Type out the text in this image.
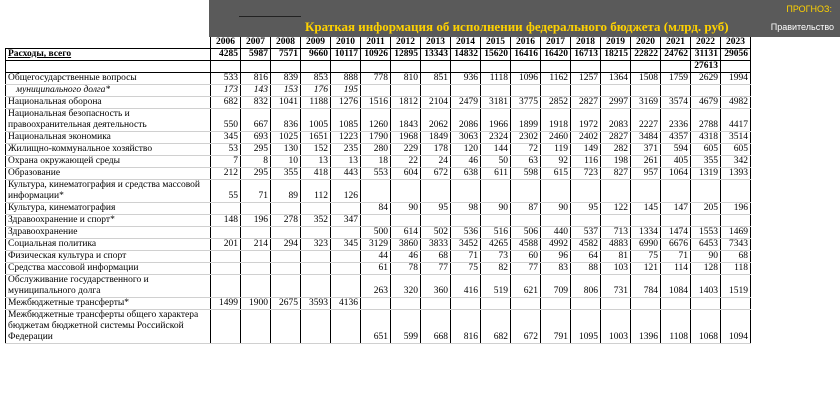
Краткая информация об исполнении федерального бюджета (млрд. руб)
ПРОГНОЗ:
Правительство
	2006	2007	2008	2009	2010	2011	2012	2013	2014	2015	2016	2017	2018	2019	2020	2021	2022	2023
Расходы, всего	4285	5987	7571	9660	10117	10926	12895	13343	14832	15620	16416	16420	16713	18215	22822	24762	31131	29056
																	27613	
Общегосударственные вопросы	533	816	839	853	888	778	810	851	936	1118	1096	1162	1257	1364	1508	1759	2629	1994
муниципального долга*	173	143	153	176	195													
Национальная оборона	682	832	1041	1188	1276	1516	1812	2104	2479	3181	3775	2852	2827	2997	3169	3574	4679	4982
Национальная безопасность и правоохранительная деятельность	550	667	836	1005	1085	1260	1843	2062	2086	1966	1899	1918	1972	2083	2227	2336	2788	4417
Национальная экономика	345	693	1025	1651	1223	1790	1968	1849	3063	2324	2302	2460	2402	2827	3484	4357	4318	3514
Жилищно-коммунальное хозяйство	53	295	130	152	235	280	229	178	120	144	72	119	149	282	371	594	605	605
Охрана окружающей среды	7	8	10	13	13	18	22	24	46	50	63	92	116	198	261	405	355	342
Образование	212	295	355	418	443	553	604	672	638	611	598	615	723	827	957	1064	1319	1393
Культура, кинематография и средства массовой информации*	55	71	89	112	126													
Культура, кинематография						84	90	95	98	90	87	90	95	122	145	147	205	196
Здравоохранение и спорт*	148	196	278	352	347													
Здравоохранение						500	614	502	536	516	506	440	537	713	1334	1474	1553	1469
Социальная политика	201	214	294	323	345	3129	3860	3833	3452	4265	4588	4992	4582	4883	6990	6676	6453	7343
Физическая культура и спорт						44	46	68	71	73	60	96	64	81	75	71	90	68
Средства массовой информации						61	78	77	75	82	77	83	88	103	121	114	128	118
Обслуживание государственного и муниципального долга						263	320	360	416	519	621	709	806	731	784	1084	1403	1519
Межбюджетные трансферты*	1499	1900	2675	3593	4136													
Межбюджетные трансферты общего характера бюджетам бюджетной системы Российской Федерации						651	599	668	816	682	672	791	1095	1003	1396	1108	1068	1094
